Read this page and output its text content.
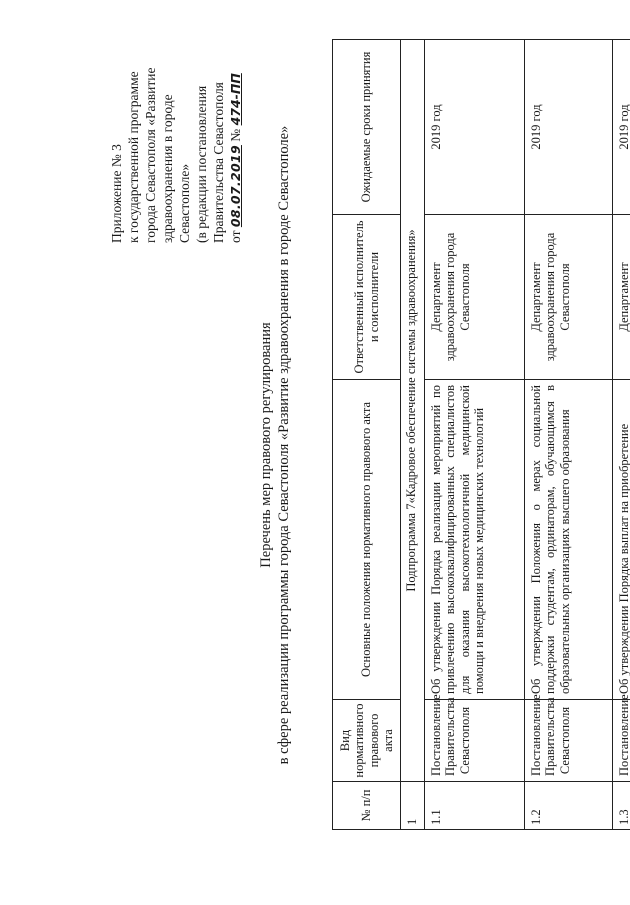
Приложение № 3 к государственной программе города Севастополя «Развитие здравоохранения в городе Севастополе» (в редакции постановления Правительства Севастополя от 08.07.2019 № 474-ПП
Перечень мер правового регулирования в сфере реализации программы города Севастополя «Развитие здравоохранения в городе Севастополе»
№ п/п	Вид нормативного правового акта	Основные положения нормативного правового акта	Ответственный исполнитель и соисполнители	Ожидаемые сроки принятия
1	Подпрограмма 7«Кадровое обеспечение системы здравоохранения»			
1.1	Постановление Правительства Севастополя	Об утверждении Порядка реализации мероприятий по привлечению высококвалифицированных специалистов для оказания высокотехнологичной медицинской помощи и внедрения новых медицинских технологий	Департамент здравоохранения города Севастополя	2019 год
1.2	Постановление Правительства Севастополя	Об утверждении Положения о мерах социальной поддержки студентам, ординаторам, обучающимся в образовательных организациях высшего образования	Департамент здравоохранения города Севастополя	2019 год
1.3	Постановление	Об утверждении Порядка выплат на приобретение	Департамент	2019 год
